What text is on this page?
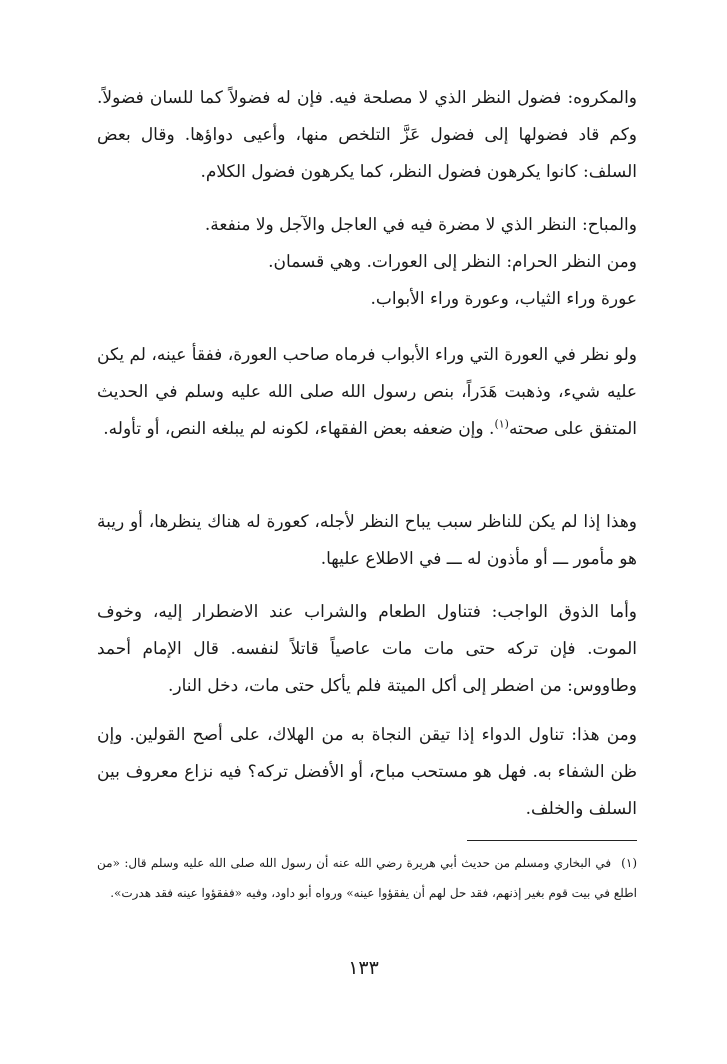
والمكروه: فضول النظر الذي لا مصلحة فيه. فإن له فضولاً كما للسان فضولاً. وكم قاد فضولها إلى فضول عَزَّ التلخص منها، وأعيى دواؤها. وقال بعض السلف: كانوا يكرهون فضول النظر، كما يكرهون فضول الكلام.

والمباح: النظر الذي لا مضرة فيه في العاجل والآجل ولا منفعة.
ومن النظر الحرام: النظر إلى العورات. وهي قسمان.
عورة وراء الثياب، وعورة وراء الأبواب.

ولو نظر في العورة التي وراء الأبواب فرماه صاحب العورة، ففقأ عينه، لم يكن عليه شيء، وذهبت هَدَراً، بنص رسول الله صلى الله عليه وسلم في الحديث المتفق على صحته$^{(١)}$. وإن ضعفه بعض الفقهاء، لكونه لم يبلغه النص، أو تأوله.

وهذا إذا لم يكن للناظر سبب يباح النظر لأجله، كعورة له هناك ينظرها، أو ريبة هو مأمور ـــ أو مأذون له ـــ في الاطلاع عليها.

وأما الذوق الواجب: فتناول الطعام والشراب عند الاضطرار إليه، وخوف الموت. فإن تركه حتى مات مات عاصياً قاتلاً لنفسه. قال الإمام أحمد وطاووس: من اضطر إلى أكل الميتة فلم يأكل حتى مات، دخل النار.

ومن هذا: تناول الدواء إذا تيقن النجاة به من الهلاك، على أصح القولين. وإن ظن الشفاء به. فهل هو مستحب مباح، أو الأفضل تركه؟ فيه نزاع معروف بين السلف والخلف.

(١)في البخاري ومسلم من حديث أبي هريرة رضي الله عنه أن رسول الله صلى الله عليه وسلم قال: «من اطلع في بيت قوم بغير إذنهم، فقد حل لهم أن يفقؤوا عينه» ورواه أبو داود، وفيه «ففقؤوا عينه فقد هدرت».

١٣٣
